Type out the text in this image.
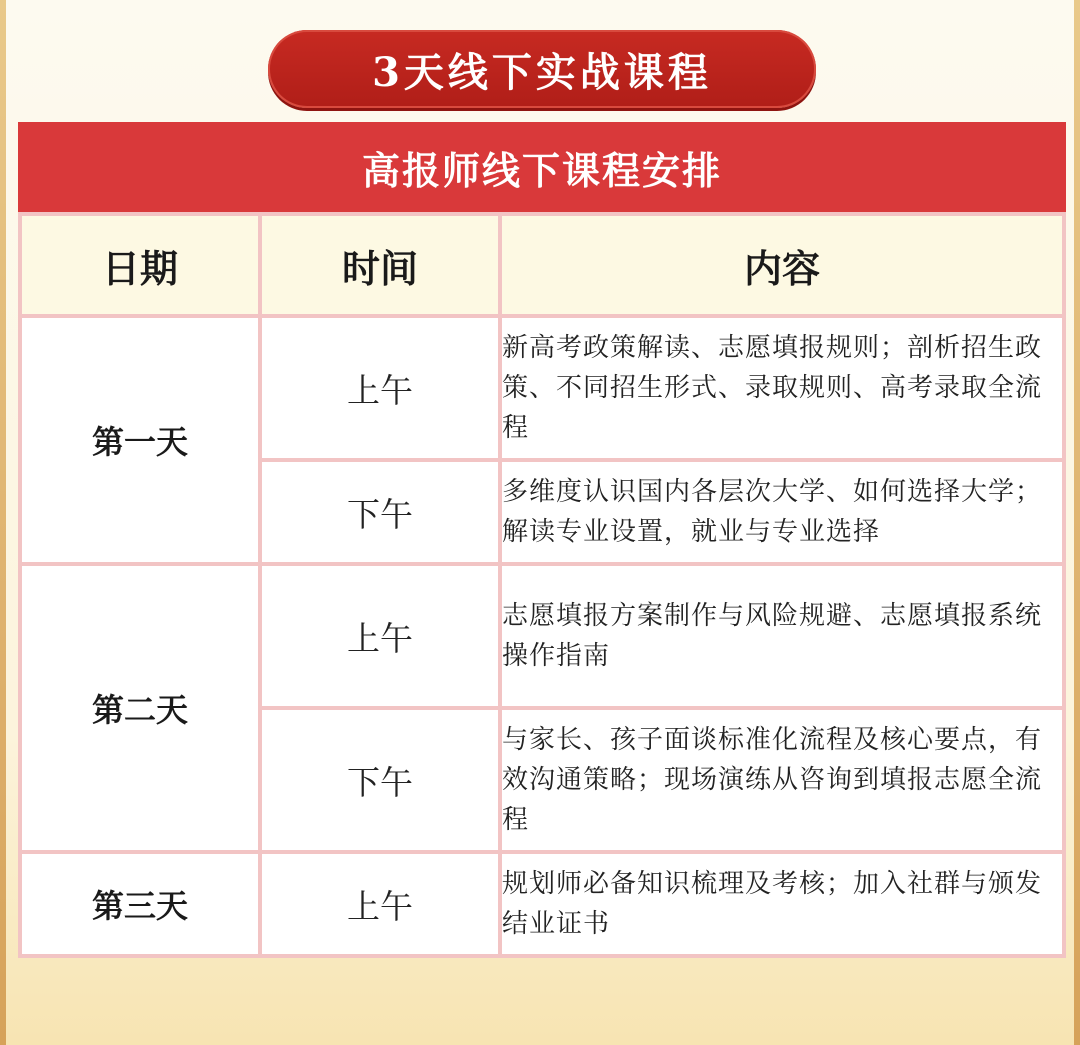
3天线下实战课程
高报师线下课程安排
日期	时间	内容
第一天	上午	新高考政策解读、志愿填报规则；剖析招生政策、不同招生形式、录取规则、高考录取全流程
	下午	多维度认识国内各层次大学、如何选择大学；解读专业设置，就业与专业选择
第二天	上午	志愿填报方案制作与风险规避、志愿填报系统操作指南
	下午	与家长、孩子面谈标准化流程及核心要点，有效沟通策略；现场演练从咨询到填报志愿全流程
第三天	上午	规划师必备知识梳理及考核；加入社群与颁发结业证书
